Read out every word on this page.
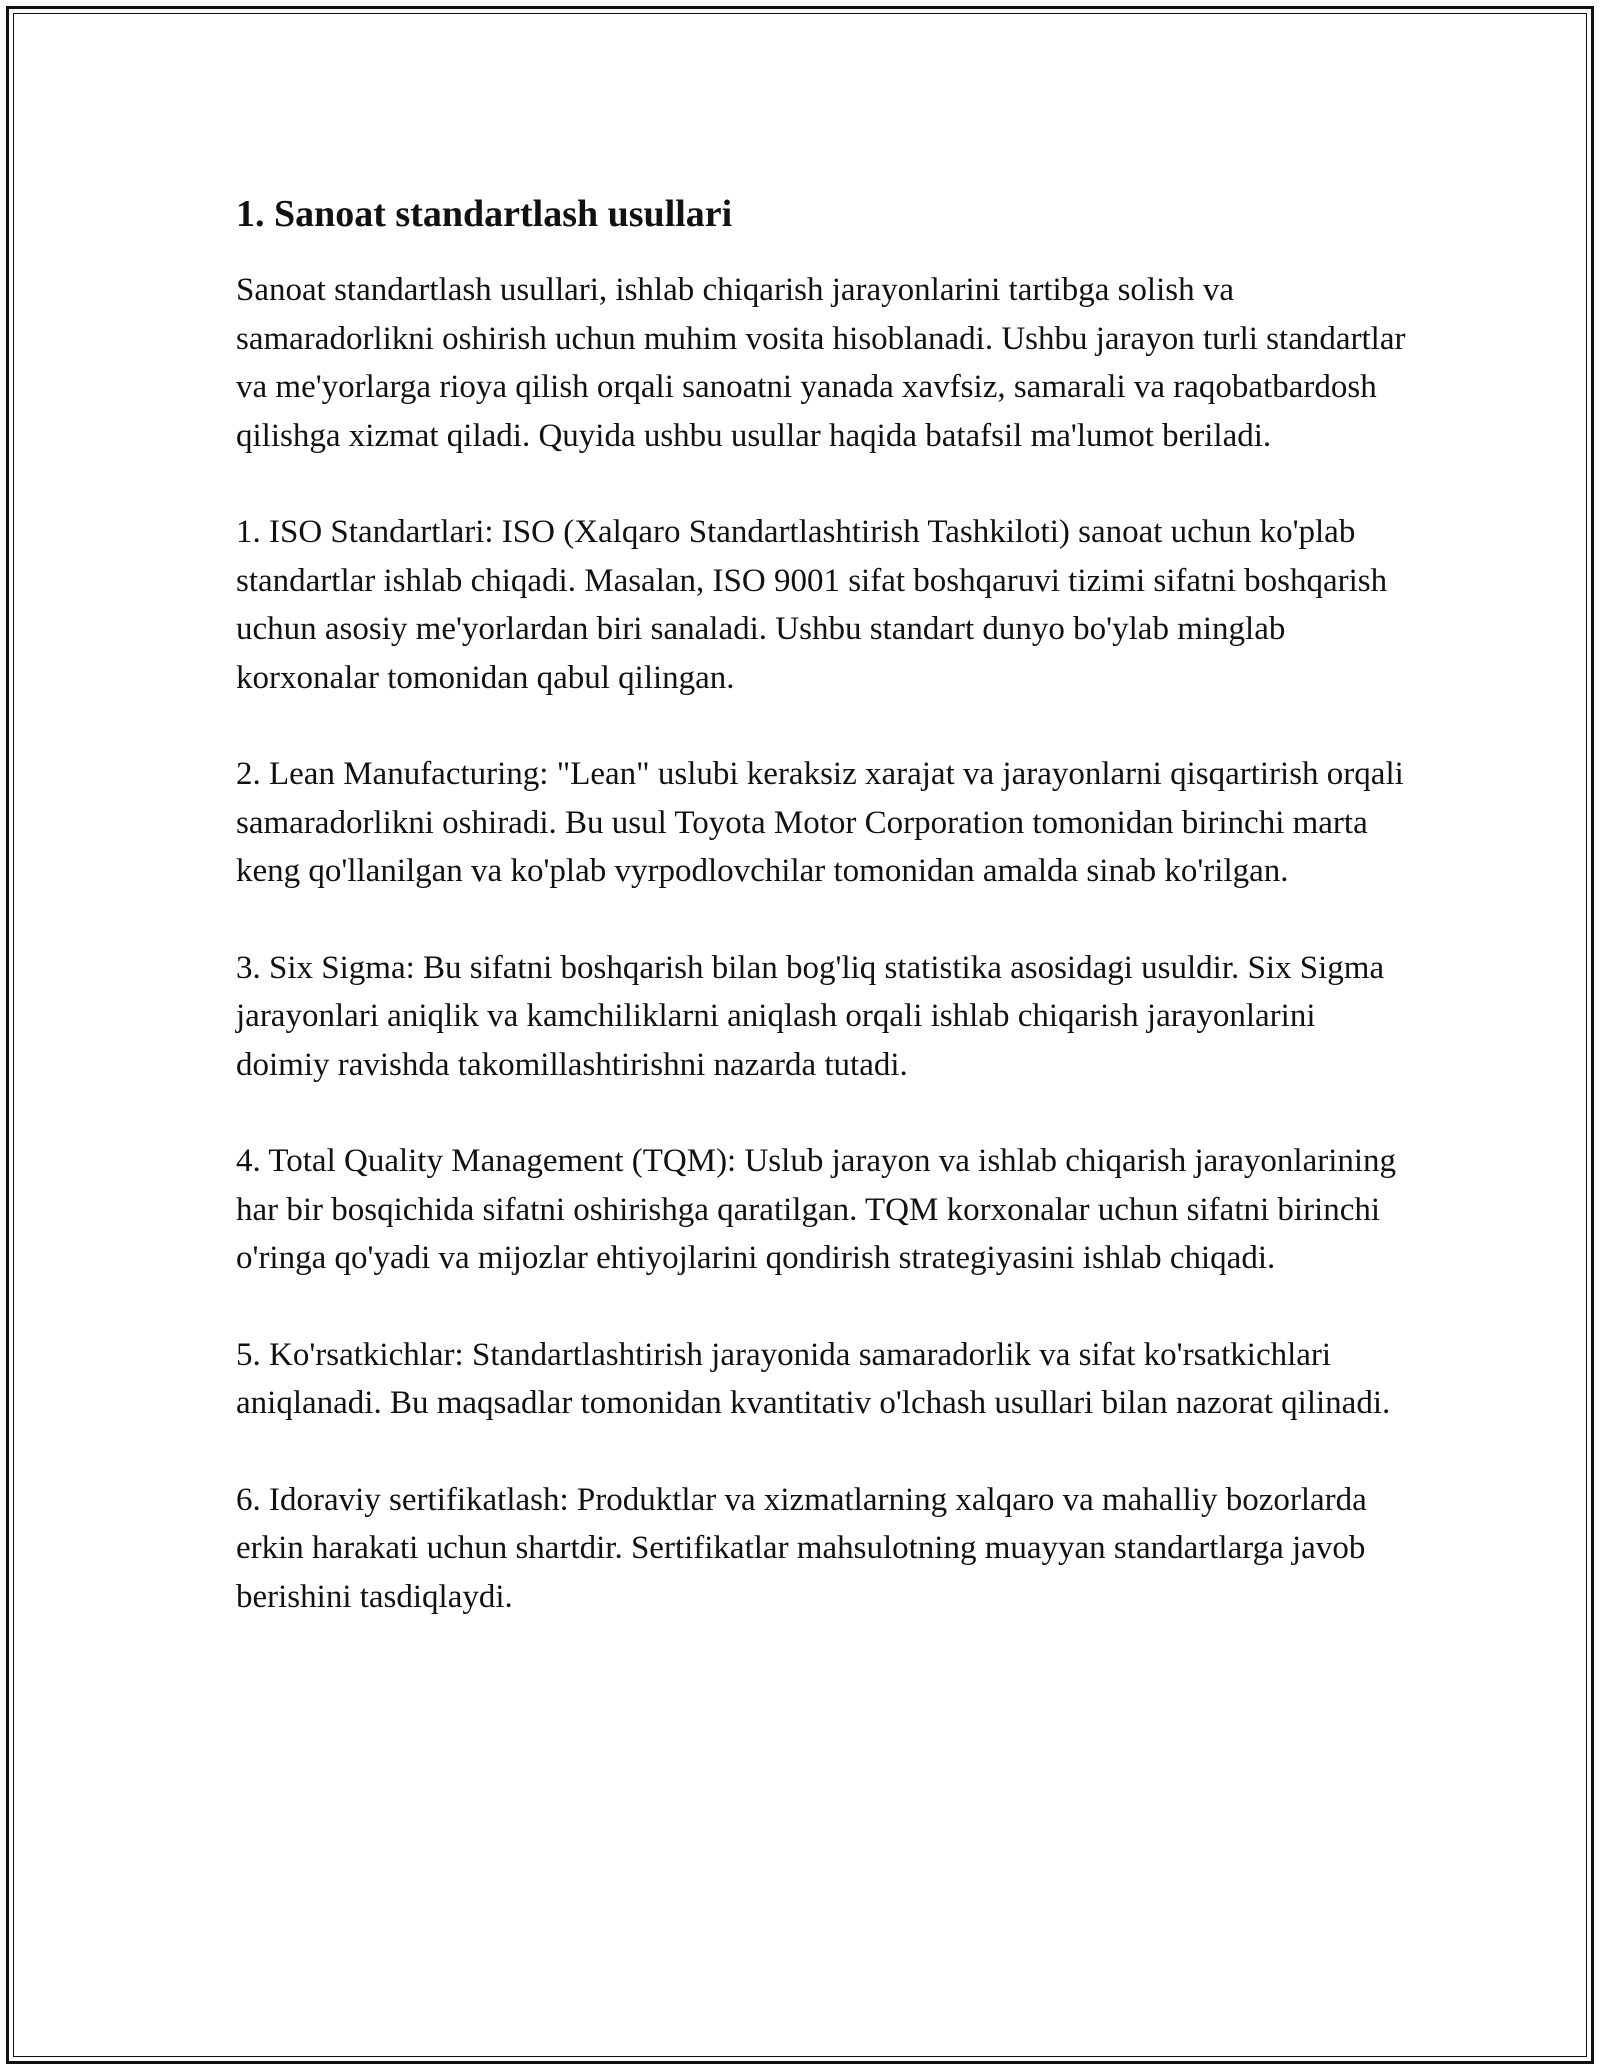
1. Sanoat standartlash usullari

Sanoat standartlash usullari, ishlab chiqarish jarayonlarini tartibga solish va samaradorlikni oshirish uchun muhim vosita hisoblanadi. Ushbu jarayon turli standartlar va me'yorlarga rioya qilish orqali sanoatni yanada xavfsiz, samarali va raqobatbardosh qilishga xizmat qiladi. Quyida ushbu usullar haqida batafsil ma'lumot beriladi.

1. ISO Standartlari: ISO (Xalqaro Standartlashtirish Tashkiloti) sanoat uchun ko'plab standartlar ishlab chiqadi. Masalan, ISO 9001 sifat boshqaruvi tizimi sifatni boshqarish uchun asosiy me'yorlardan biri sanaladi. Ushbu standart dunyo bo'ylab minglab korxonalar tomonidan qabul qilingan.

2. Lean Manufacturing: "Lean" uslubi keraksiz xarajat va jarayonlarni qisqartirish orqali samaradorlikni oshiradi. Bu usul Toyota Motor Corporation tomonidan birinchi marta keng qo'llanilgan va ko'plab vyrpodlovchilar tomonidan amalda sinab ko'rilgan.

3. Six Sigma: Bu sifatni boshqarish bilan bog'liq statistika asosidagi usuldir. Six Sigma jarayonlari aniqlik va kamchiliklarni aniqlash orqali ishlab chiqarish jarayonlarini doimiy ravishda takomillashtirishni nazarda tutadi.

4. Total Quality Management (TQM): Uslub jarayon va ishlab chiqarish jarayonlarining har bir bosqichida sifatni oshirishga qaratilgan. TQM korxonalar uchun sifatni birinchi o'ringa qo'yadi va mijozlar ehtiyojlarini qondirish strategiyasini ishlab chiqadi.

5. Ko'rsatkichlar: Standartlashtirish jarayonida samaradorlik va sifat ko'rsatkichlari aniqlanadi. Bu maqsadlar tomonidan kvantitativ o'lchash usullari bilan nazorat qilinadi.

6. Idoraviy sertifikatlash: Produktlar va xizmatlarning xalqaro va mahalliy bozorlarda erkin harakati uchun shartdir. Sertifikatlar mahsulotning muayyan standartlarga javob berishini tasdiqlaydi.
